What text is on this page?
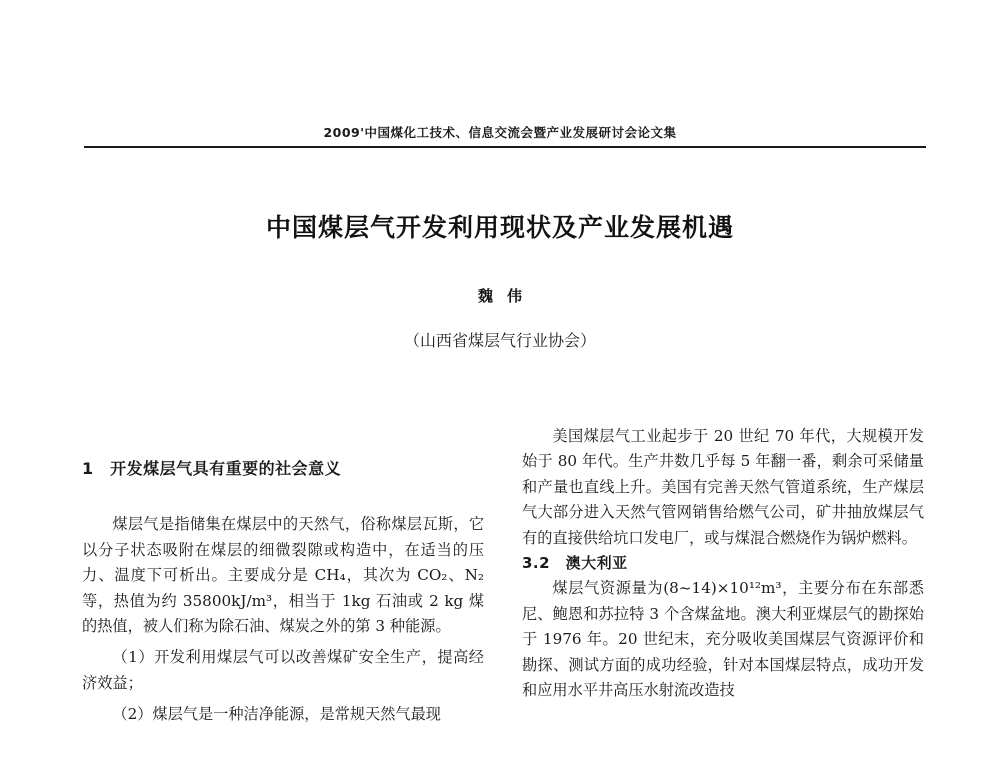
2009'中国煤化工技术、信息交流会暨产业发展研讨会论文集
中国煤层气开发利用现状及产业发展机遇
魏伟
（山西省煤层气行业协会）

1　开发煤层气具有重要的社会意义

煤层气是指储集在煤层中的天然气，俗称煤层瓦斯，它以分子状态吸附在煤层的细微裂隙或构造中，在适当的压力、温度下可析出。主要成分是 CH₄，其次为 CO₂、N₂ 等，热值为约 35800kJ/m³，相当于 1kg 石油或 2 kg 煤的热值，被人们称为除石油、煤炭之外的第 3 种能源。

（1）开发利用煤层气可以改善煤矿安全生产，提高经济效益；

（2）煤层气是一种洁净能源，是常规天然气最现

美国煤层气工业起步于 20 世纪 70 年代，大规模开发始于 80 年代。生产井数几乎每 5 年翻一番，剩余可采储量和产量也直线上升。美国有完善天然气管道系统，生产煤层气大部分进入天然气管网销售给燃气公司，矿井抽放煤层气有的直接供给坑口发电厂，或与煤混合燃烧作为锅炉燃料。

3.2　澳大利亚

煤层气资源量为(8~14)×10¹²m³，主要分布在东部悉尼、鲍恩和苏拉特 3 个含煤盆地。澳大利亚煤层气的勘探始于 1976 年。20 世纪末，充分吸收美国煤层气资源评价和勘探、测试方面的成功经验，针对本国煤层特点，成功开发和应用水平井高压水射流改造技
